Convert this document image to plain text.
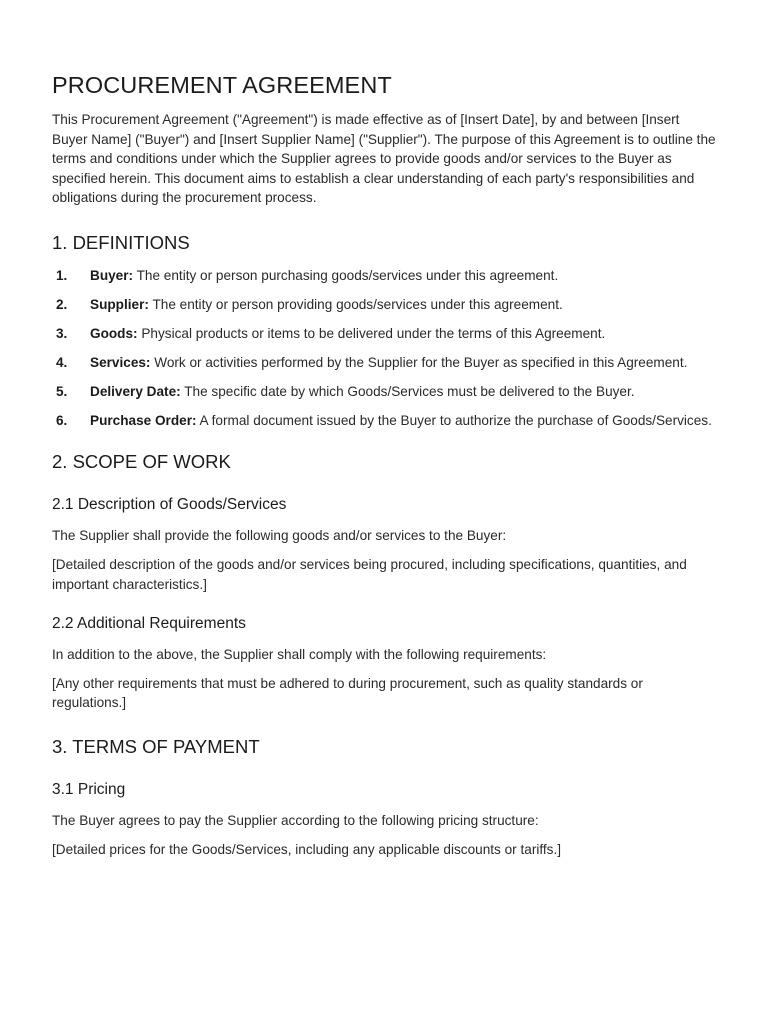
PROCUREMENT AGREEMENT

This Procurement Agreement ("Agreement") is made effective as of [Insert Date], by and between [Insert Buyer Name] ("Buyer") and [Insert Supplier Name] ("Supplier"). The purpose of this Agreement is to outline the terms and conditions under which the Supplier agrees to provide goods and/or services to the Buyer as specified herein. This document aims to establish a clear understanding of each party's responsibilities and obligations during the procurement process.

1. DEFINITIONS
1. Buyer: The entity or person purchasing goods/services under this agreement.
2. Supplier: The entity or person providing goods/services under this agreement.
3. Goods: Physical products or items to be delivered under the terms of this Agreement.
4. Services: Work or activities performed by the Supplier for the Buyer as specified in this Agreement.
5. Delivery Date: The specific date by which Goods/Services must be delivered to the Buyer.
6. Purchase Order: A formal document issued by the Buyer to authorize the purchase of Goods/Services.
2. SCOPE OF WORK
2.1 Description of Goods/Services

The Supplier shall provide the following goods and/or services to the Buyer:

[Detailed description of the goods and/or services being procured, including specifications, quantities, and important characteristics.]

2.2 Additional Requirements

In addition to the above, the Supplier shall comply with the following requirements:

[Any other requirements that must be adhered to during procurement, such as quality standards or regulations.]

3. TERMS OF PAYMENT
3.1 Pricing

The Buyer agrees to pay the Supplier according to the following pricing structure:

[Detailed prices for the Goods/Services, including any applicable discounts or tariffs.]
